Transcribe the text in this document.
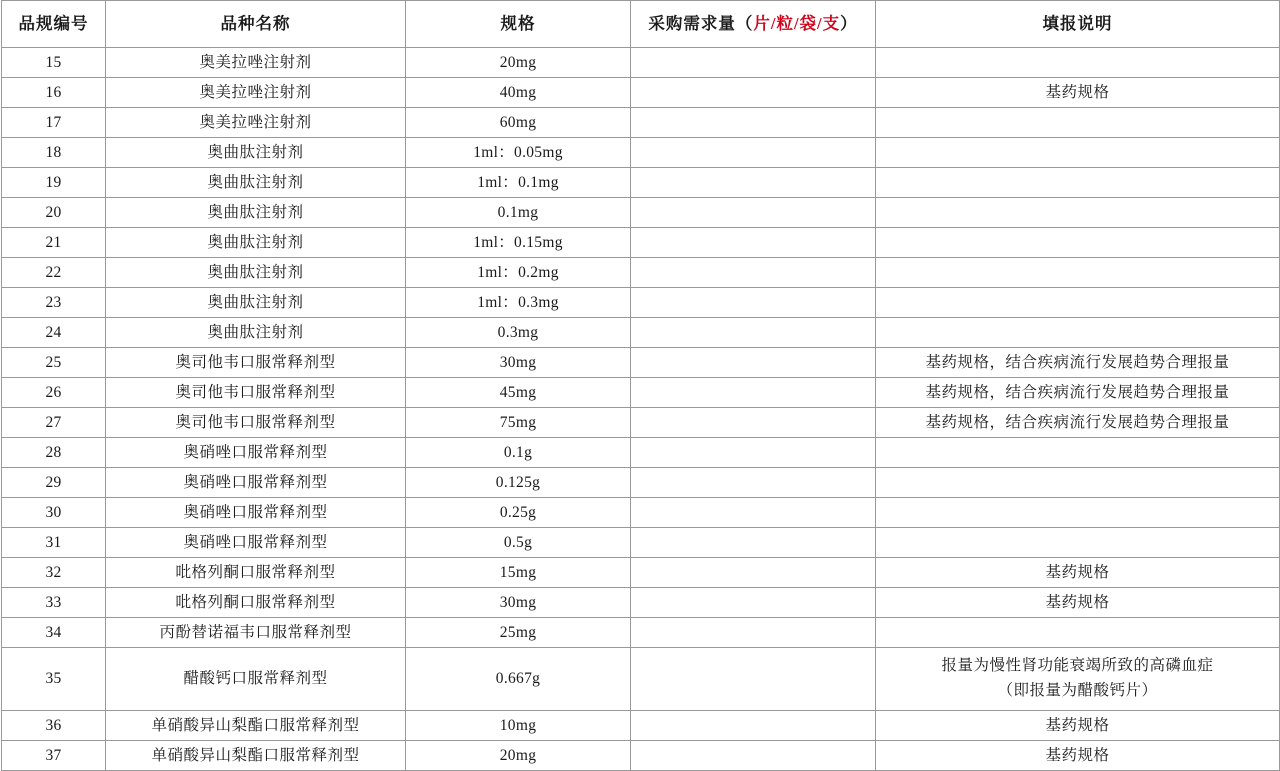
品规编号	品种名称	规格	采购需求量（片/粒/袋/支）	填报说明
15	奥美拉唑注射剂	20mg		
16	奥美拉唑注射剂	40mg		基药规格
17	奥美拉唑注射剂	60mg		
18	奥曲肽注射剂	1ml：0.05mg		
19	奥曲肽注射剂	1ml：0.1mg		
20	奥曲肽注射剂	0.1mg		
21	奥曲肽注射剂	1ml：0.15mg		
22	奥曲肽注射剂	1ml：0.2mg		
23	奥曲肽注射剂	1ml：0.3mg		
24	奥曲肽注射剂	0.3mg		
25	奥司他韦口服常释剂型	30mg		基药规格，结合疾病流行发展趋势合理报量
26	奥司他韦口服常释剂型	45mg		基药规格，结合疾病流行发展趋势合理报量
27	奥司他韦口服常释剂型	75mg		基药规格，结合疾病流行发展趋势合理报量
28	奥硝唑口服常释剂型	0.1g		
29	奥硝唑口服常释剂型	0.125g		
30	奥硝唑口服常释剂型	0.25g		
31	奥硝唑口服常释剂型	0.5g		
32	吡格列酮口服常释剂型	15mg		基药规格
33	吡格列酮口服常释剂型	30mg		基药规格
34	丙酚替诺福韦口服常释剂型	25mg		
35	醋酸钙口服常释剂型	0.667g		报量为慢性肾功能衰竭所致的高磷血症
（即报量为醋酸钙片）

36	单硝酸异山梨酯口服常释剂型	10mg		基药规格
37	单硝酸异山梨酯口服常释剂型	20mg		基药规格
